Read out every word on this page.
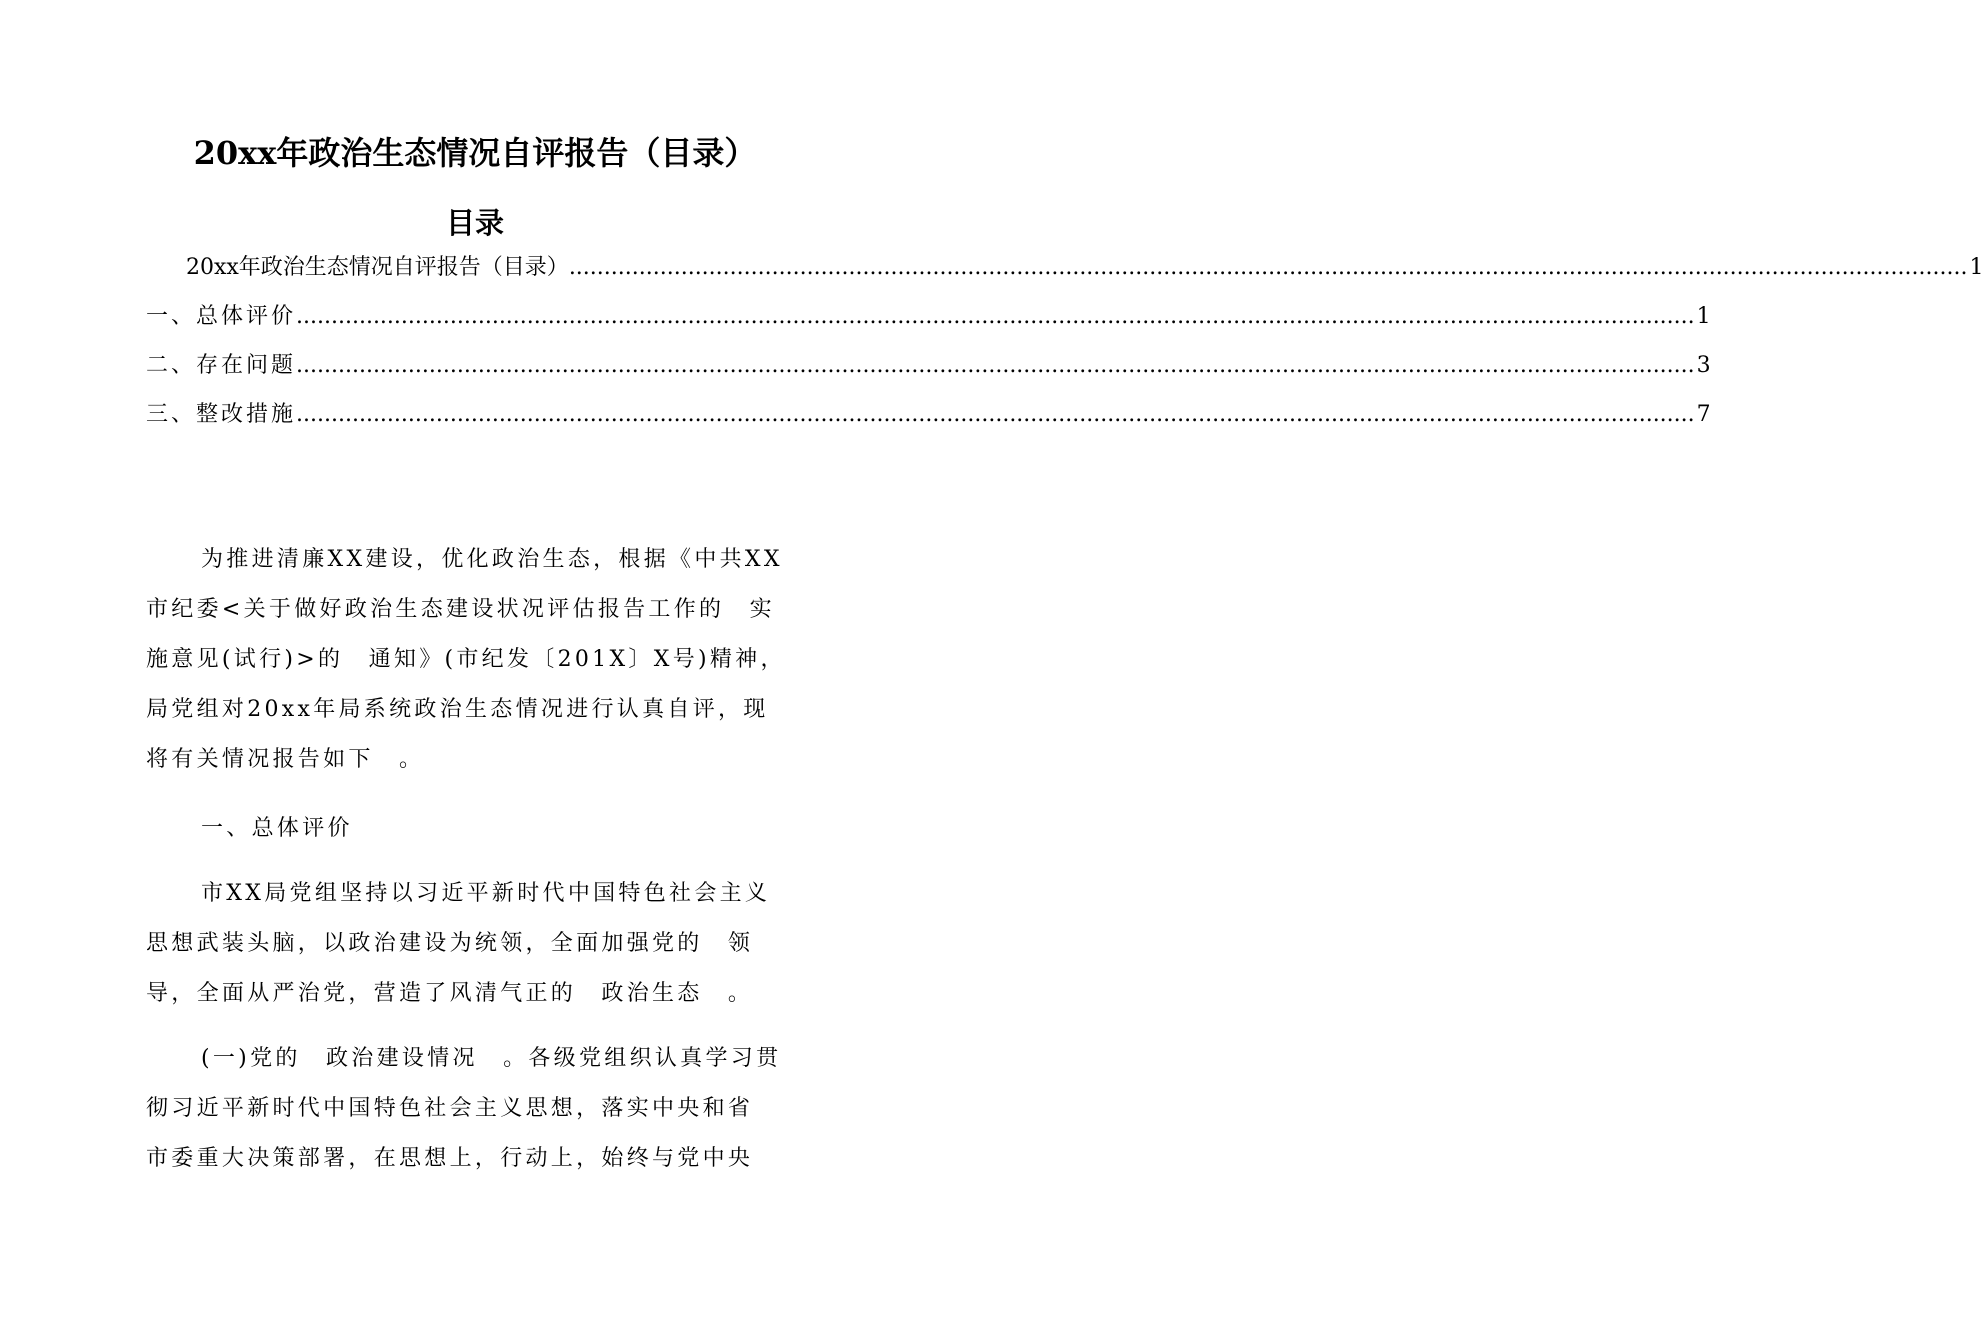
20xx年政治生态情况自评报告（目录）
目录
20xx年政治生态情况自评报告（目录） ........................................................................................................................................................................................................ 1
一、总体评价 ........................................................................................................................................................................................................ 1
二、存在问题 ........................................................................................................................................................................................................ 3
三、整改措施 ........................................................................................................................................................................................................ 7
为推进清廉XX建设，优化政治生态，根据《中共XX
市纪委<关于做好政治生态建设状况评估报告工作的　实
施意见(试行)>的　通知》(市纪发〔201X〕X号)精神，
局党组对20xx年局系统政治生态情况进行认真自评，现
将有关情况报告如下　。
一、总体评价
市XX局党组坚持以习近平新时代中国特色社会主义
思想武装头脑，以政治建设为统领，全面加强党的　领
导，全面从严治党，营造了风清气正的　政治生态　。
(一)党的　政治建设情况　。各级党组织认真学习贯
彻习近平新时代中国特色社会主义思想，落实中央和省
市委重大决策部署，在思想上，行动上，始终与党中央
